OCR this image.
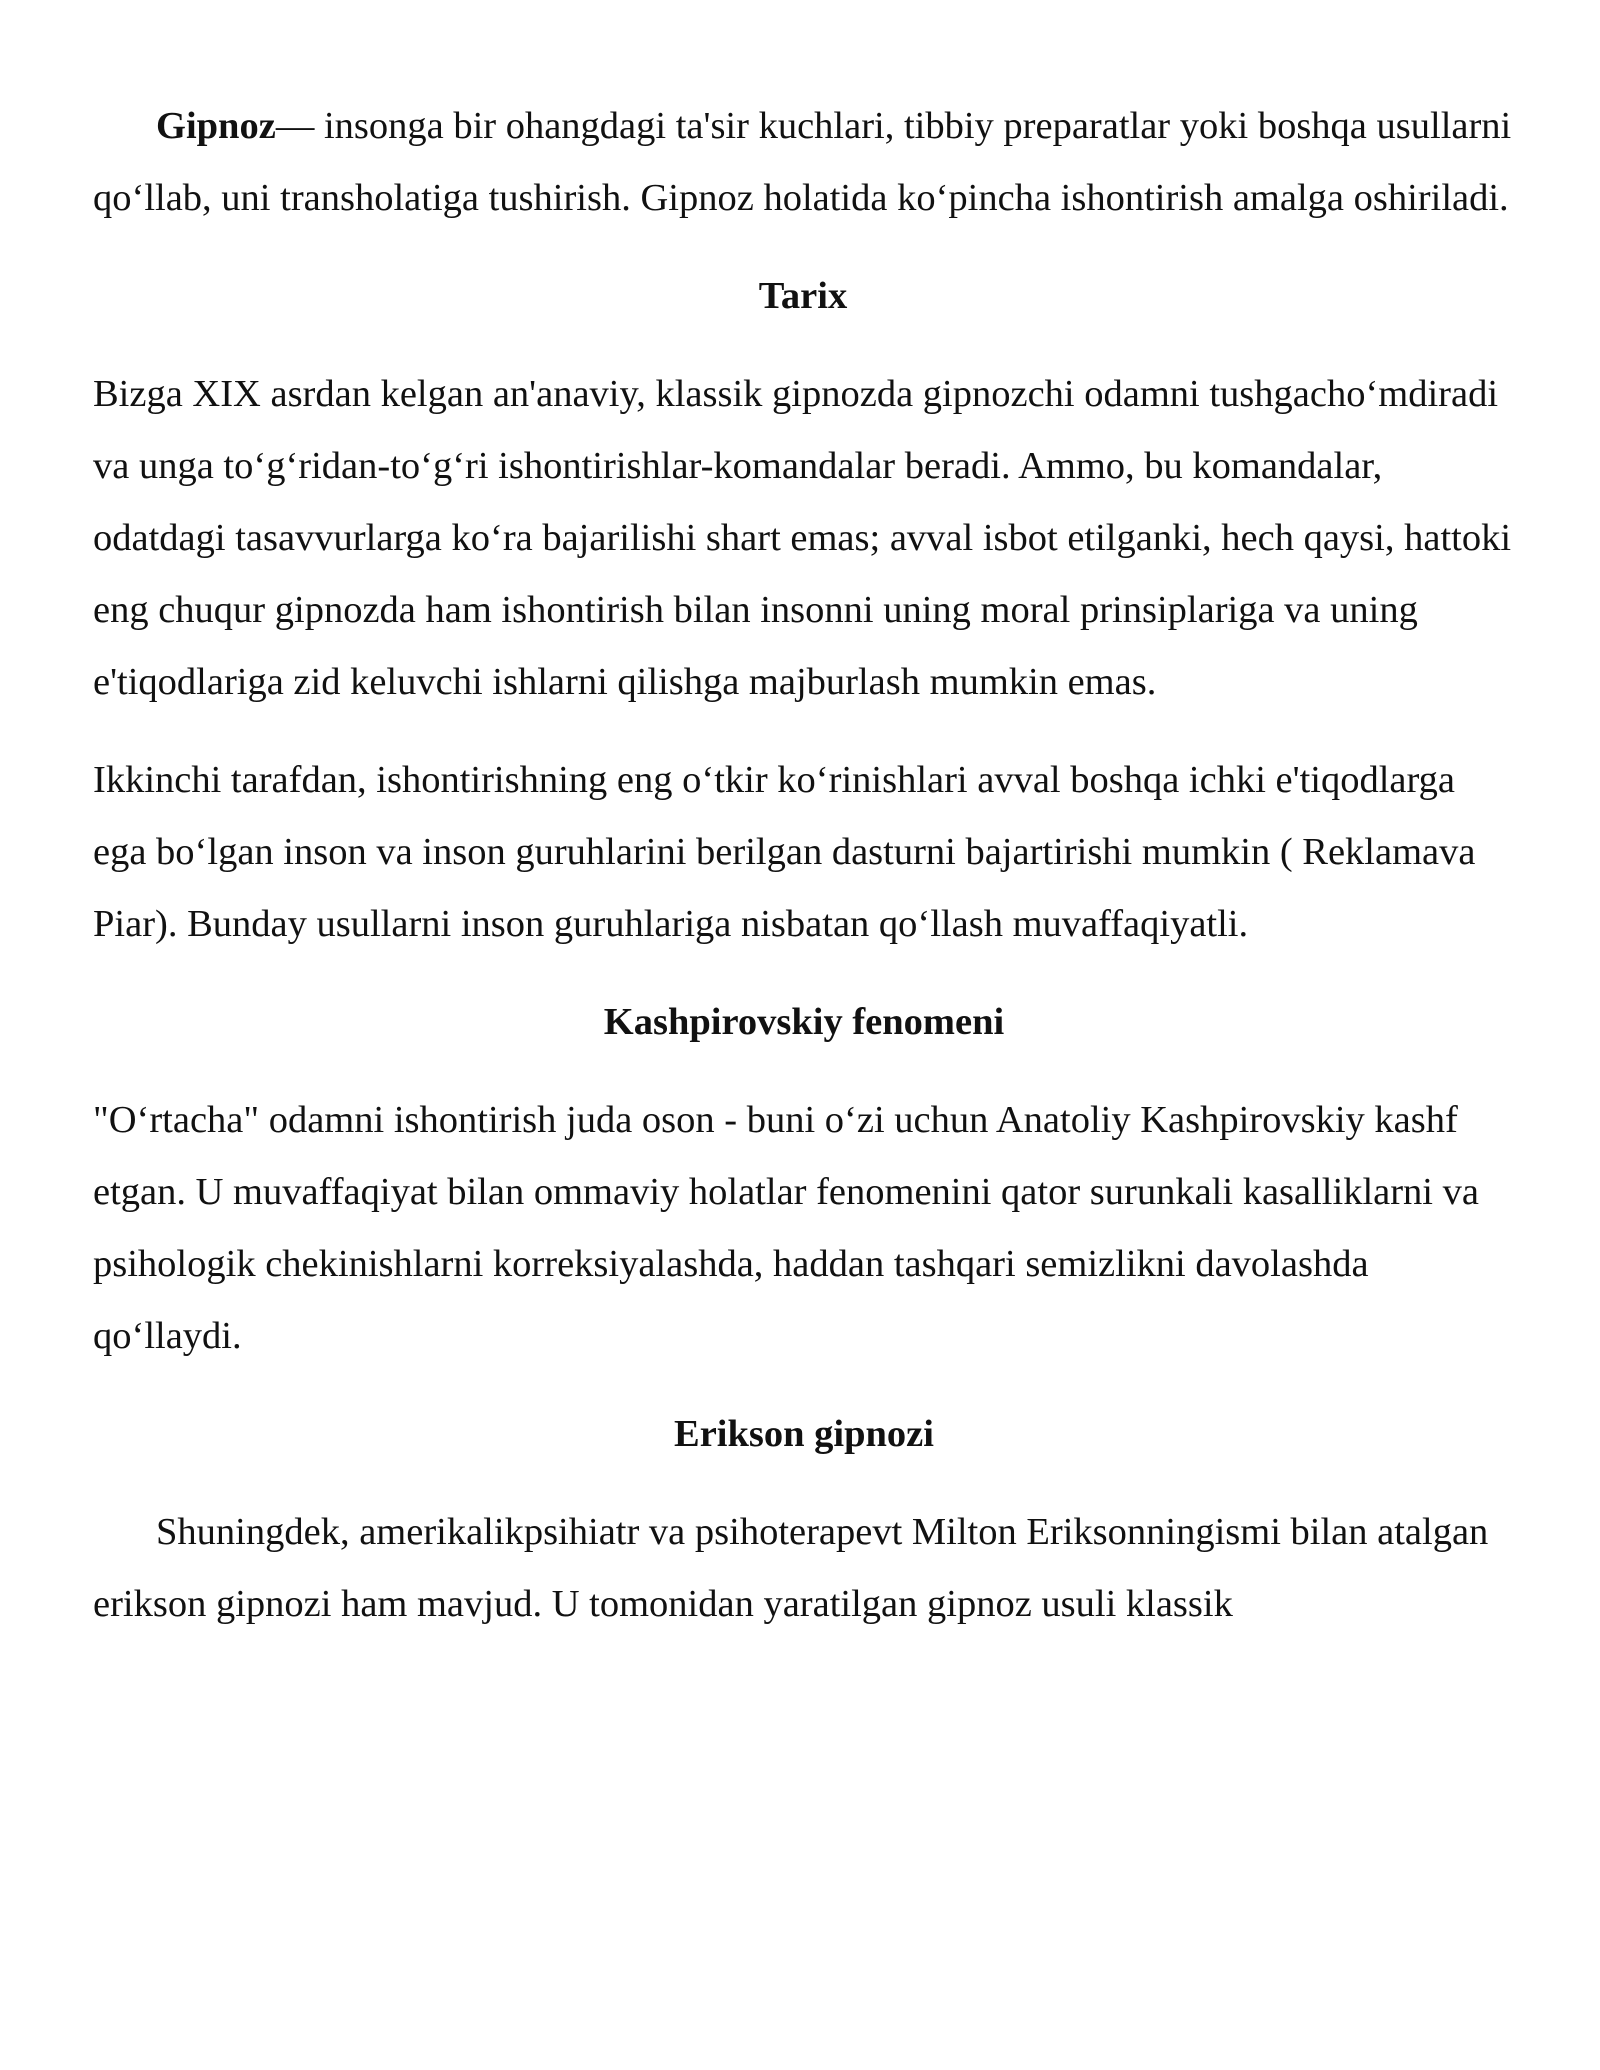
Gipnoz— insonga bir ohangdagi ta'sir kuchlari, tibbiy preparatlar yoki boshqa usullarni qo‘llab, uni transholatiga tushirish. Gipnoz holatida ko‘pincha ishontirish amalga oshiriladi.

Tarix

Bizga XIX asrdan kelgan an'anaviy, klassik gipnozda gipnozchi odamni tushgacho‘mdiradi va unga to‘g‘ridan-to‘g‘ri ishontirishlar-komandalar beradi. Ammo, bu komandalar, odatdagi tasavvurlarga ko‘ra bajarilishi shart emas; avval isbot etilganki, hech qaysi, hattoki eng chuqur gipnozda ham ishontirish bilan insonni uning moral prinsiplariga va uning e'tiqodlariga zid keluvchi ishlarni qilishga majburlash mumkin emas.

Ikkinchi tarafdan, ishontirishning eng o‘tkir ko‘rinishlari avval boshqa ichki e'tiqodlarga ega bo‘lgan inson va inson guruhlarini berilgan dasturni bajartirishi mumkin ( Reklamava Piar). Bunday usullarni inson guruhlariga nisbatan qo‘llash muvaffaqiyatli.

Kashpirovskiy fenomeni

"O‘rtacha" odamni ishontirish juda oson - buni o‘zi uchun Anatoliy Kashpirovskiy kashf etgan. U muvaffaqiyat bilan ommaviy holatlar fenomenini qator surunkali kasalliklarni va psihologik chekinishlarni korreksiyalashda, haddan tashqari semizlikni davolashda qo‘llaydi.

Erikson gipnozi

Shuningdek, amerikalikpsihiatr va psihoterapevt Milton Eriksonningismi bilan atalgan erikson gipnozi ham mavjud. U tomonidan yaratilgan gipnoz usuli klassik
